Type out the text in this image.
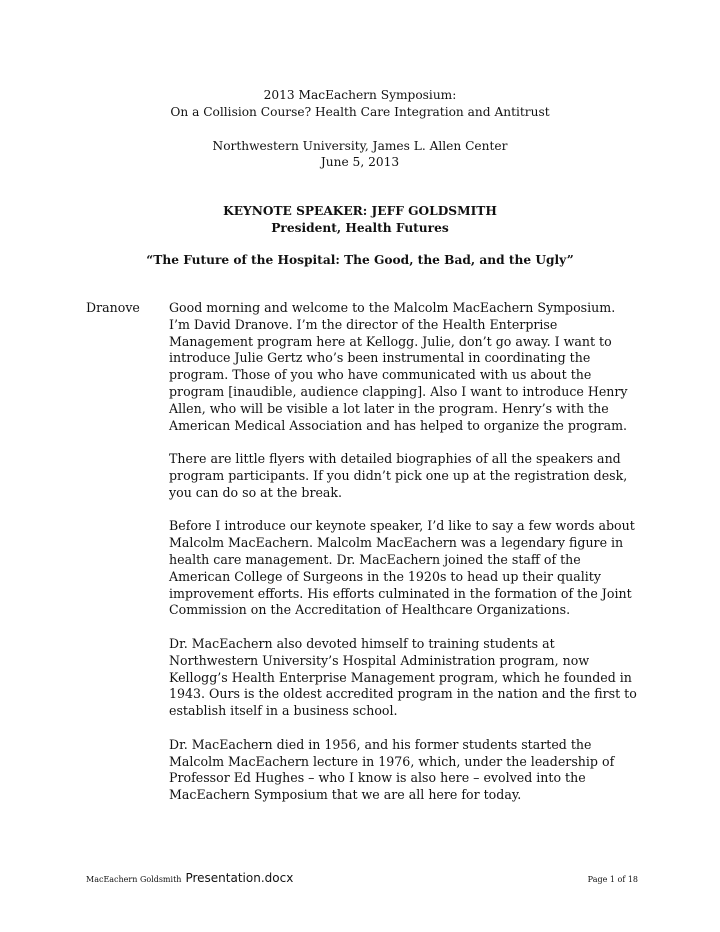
2013 MacEachern Symposium:
On a Collision Course? Health Care Integration and Antitrust
Northwestern University, James L. Allen Center
June 5, 2013
KEYNOTE SPEAKER: JEFF GOLDSMITH
President, Health Futures
“The Future of the Hospital: The Good, the Bad, and the Ugly”
Dranove Good morning and welcome to the Malcolm MacEachern Symposium. I’m David Dranove. I’m the director of the Health Enterprise Management program here at Kellogg. Julie, don’t go away. I want to introduce Julie Gertz who’s been instrumental in coordinating the program. Those of you who have communicated with us about the program [inaudible, audience clapping]. Also I want to introduce Henry Allen, who will be visible a lot later in the program. Henry’s with the American Medical Association and has helped to organize the program.

There are little flyers with detailed biographies of all the speakers and program participants. If you didn’t pick one up at the registration desk, you can do so at the break.

Before I introduce our keynote speaker, I’d like to say a few words about Malcolm MacEachern. Malcolm MacEachern was a legendary figure in health care management. Dr. MacEachern joined the staff of the American College of Surgeons in the 1920s to head up their quality improvement efforts. His efforts culminated in the formation of the Joint Commission on the Accreditation of Healthcare Organizations.

Dr. MacEachern also devoted himself to training students at Northwestern University’s Hospital Administration program, now Kellogg’s Health Enterprise Management program, which he founded in 1943. Ours is the oldest accredited program in the nation and the first to establish itself in a business school.

Dr. MacEachern died in 1956, and his former students started the Malcolm MacEachern lecture in 1976, which, under the leadership of Professor Ed Hughes – who I know is also here – evolved into the MacEachern Symposium that we are all here for today.

MacEachern Goldsmith Presentation.docx	Page 1 of 18
